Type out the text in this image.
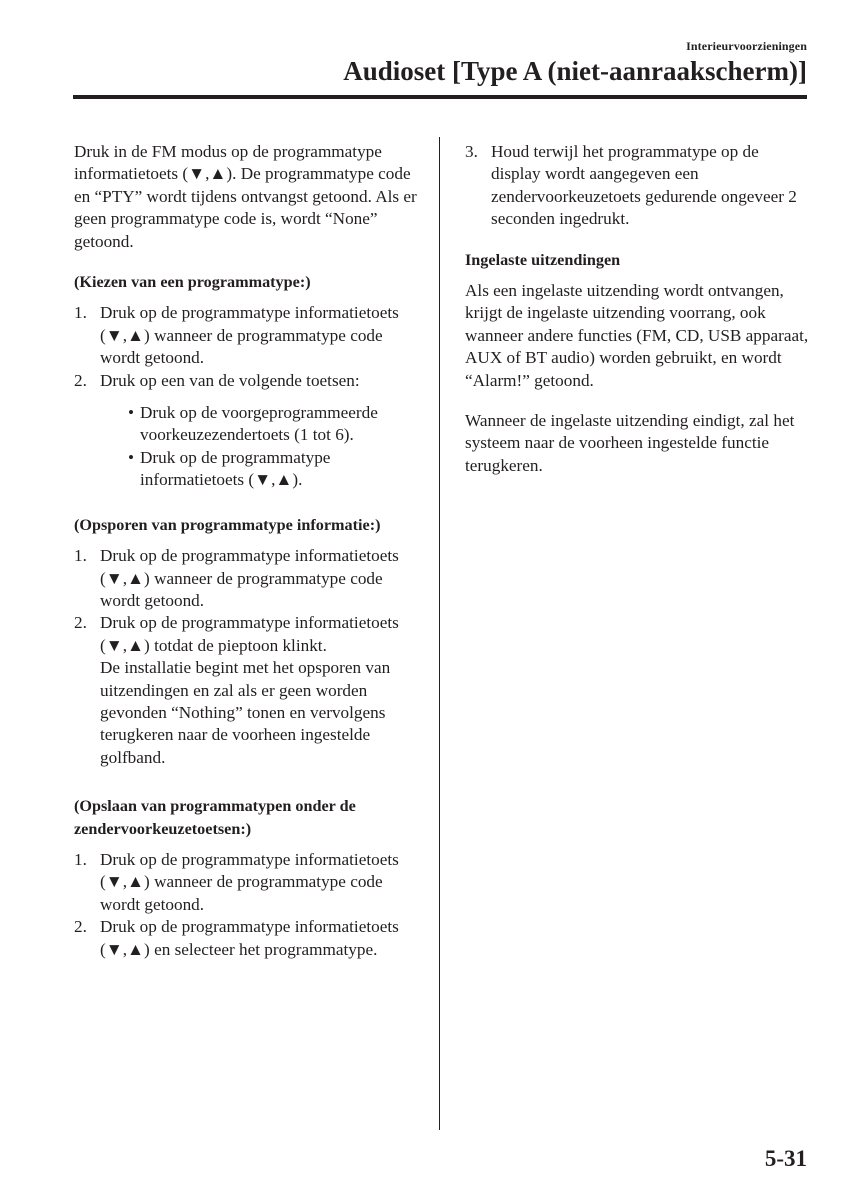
Interieurvoorzieningen
Audioset [Type A (niet-aanraakscherm)]

Druk in de FM modus op de programmatype informatietoets (▼,▲). De programmatype code en “PTY” wordt tijdens ontvangst getoond. Als er geen programmatype code is, wordt “None” getoond.

(Kiezen van een programmatype:)

1. Druk op de programmatype informatietoets (▼,▲) wanneer de programmatype code wordt getoond.
2. Druk op een van de volgende toetsen:
• Druk op de voorgeprogrammeerde voorkeuzezendertoets (1 tot 6).
• Druk op de programmatype informatietoets (▼,▲).

(Opsporen van programmatype informatie:)

1. Druk op de programmatype informatietoets (▼,▲) wanneer de programmatype code wordt getoond.
2. Druk op de programmatype informatietoets (▼,▲) totdat de pieptoon klinkt.
De installatie begint met het opsporen van uitzendingen en zal als er geen worden gevonden “Nothing” tonen en vervolgens terugkeren naar de voorheen ingestelde golfband.

(Opslaan van programmatypen onder de zendervoorkeuzetoetsen:)

1. Druk op de programmatype informatietoets (▼,▲) wanneer de programmatype code wordt getoond.
2. Druk op de programmatype informatietoets (▼,▲) en selecteer het programmatype.
3. Houd terwijl het programmatype op de display wordt aangegeven een zendervoorkeuzetoets gedurende ongeveer 2 seconden ingedrukt.

Ingelaste uitzendingen

Als een ingelaste uitzending wordt ontvangen, krijgt de ingelaste uitzending voorrang, ook wanneer andere functies (FM, CD, USB apparaat, AUX of BT audio) worden gebruikt, en wordt “Alarm!” getoond.

Wanneer de ingelaste uitzending eindigt, zal het systeem naar de voorheen ingestelde functie terugkeren.

5-31
